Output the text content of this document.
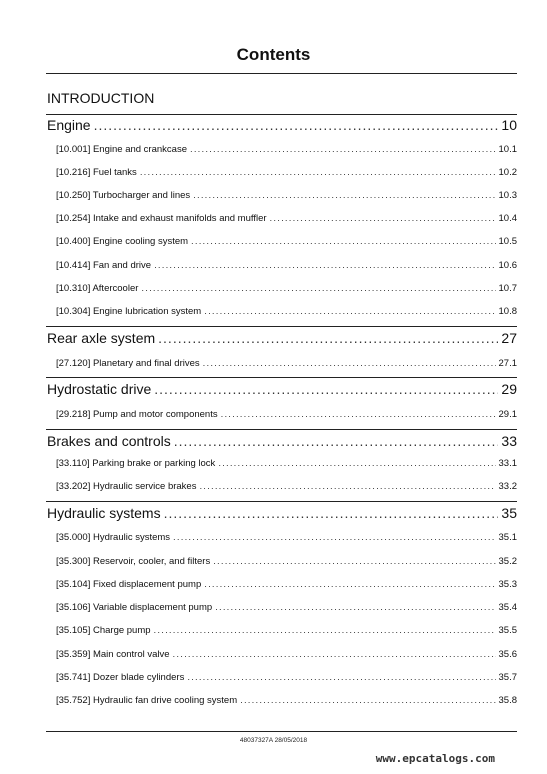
Contents
INTRODUCTION
Engine .....	10
[10.001] Engine and crankcase .....	10.1
[10.216] Fuel tanks .....	10.2
[10.250] Turbocharger and lines .....	10.3
[10.254] Intake and exhaust manifolds and muffler .....	10.4
[10.400] Engine cooling system .....	10.5
[10.414] Fan and drive .....	10.6
[10.310] Aftercooler .....	10.7
[10.304] Engine lubrication system .....	10.8
Rear axle system .....	27
[27.120] Planetary and final drives .....	27.1
Hydrostatic drive .....	29
[29.218] Pump and motor components .....	29.1
Brakes and controls .....	33
[33.110] Parking brake or parking lock .....	33.1
[33.202] Hydraulic service brakes .....	33.2
Hydraulic systems .....	35
[35.000] Hydraulic systems .....	35.1
[35.300] Reservoir, cooler, and filters .....	35.2
[35.104] Fixed displacement pump .....	35.3
[35.106] Variable displacement pump .....	35.4
[35.105] Charge pump .....	35.5
[35.359] Main control valve .....	35.6
[35.741] Dozer blade cylinders .....	35.7
[35.752] Hydraulic fan drive cooling system .....	35.8
48037327A 28/05/2018
www.epcatalogs.com
